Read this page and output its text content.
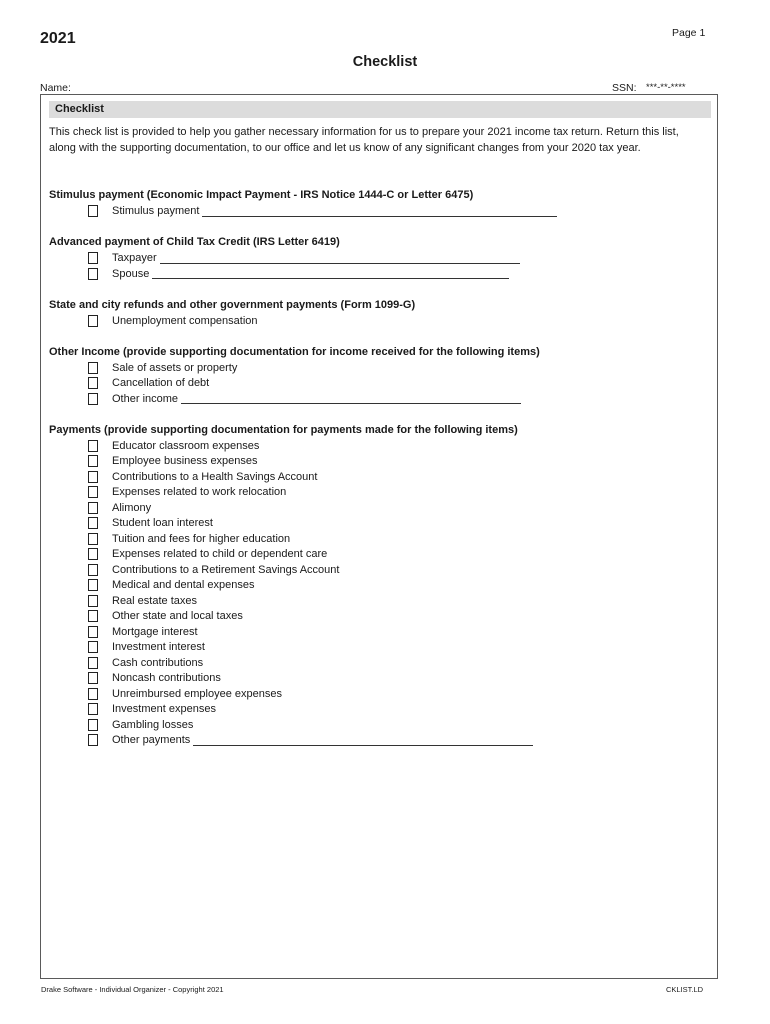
Page 1
2021
Checklist
Name:	SSN: ***-**-****
Checklist
This check list is provided to help you gather necessary information for us to prepare your 2021 income tax return. Return this list, along with the supporting documentation, to our office and let us know of any significant changes from your 2020 tax year.
Stimulus payment (Economic Impact Payment - IRS Notice 1444-C or Letter 6475)
Stimulus payment
Advanced payment of Child Tax Credit (IRS Letter 6419)
Taxpayer
Spouse
State and city refunds and other government payments (Form 1099-G)
Unemployment compensation
Other Income (provide supporting documentation for income received for the following items)
Sale of assets or property
Cancellation of debt
Other income
Payments (provide supporting documentation for payments made for the following items)
Educator classroom expenses
Employee business expenses
Contributions to a Health Savings Account
Expenses related to work relocation
Alimony
Student loan interest
Tuition and fees for higher education
Expenses related to child or dependent care
Contributions to a Retirement Savings Account
Medical and dental expenses
Real estate taxes
Other state and local taxes
Mortgage interest
Investment interest
Cash contributions
Noncash contributions
Unreimbursed employee expenses
Investment expenses
Gambling losses
Other payments
Drake Software - Individual Organizer - Copyright 2021	CKLIST.LD
